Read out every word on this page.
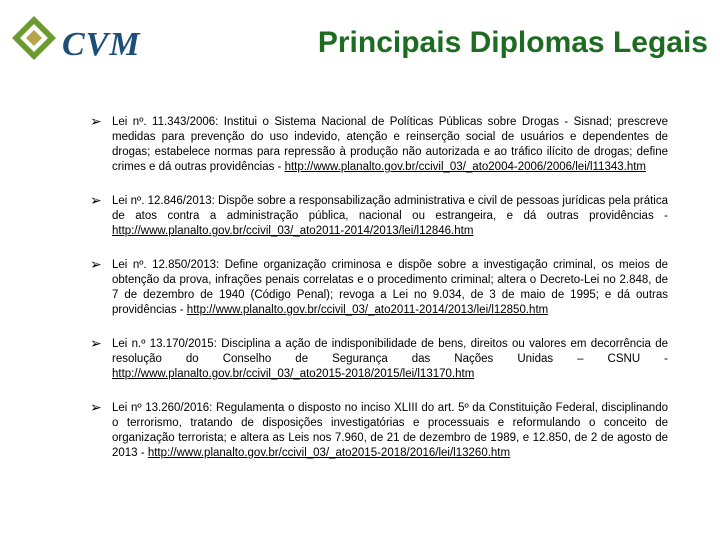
CVM	Principais Diplomas Legais
➢ Lei nº. 11.343/2006: Institui o Sistema Nacional de Políticas Públicas sobre Drogas - Sisnad; prescreve medidas para prevenção do uso indevido, atenção e reinserção social de usuários e dependentes de drogas; estabelece normas para repressão à produção não autorizada e ao tráfico ilícito de drogas; define crimes e dá outras providências - http://www.planalto.gov.br/ccivil_03/_ato2004-2006/2006/lei/l11343.htm
➢ Lei nº. 12.846/2013: Dispõe sobre a responsabilização administrativa e civil de pessoas jurídicas pela prática de atos contra a administração pública, nacional ou estrangeira, e dá outras providências - http://www.planalto.gov.br/ccivil_03/_ato2011-2014/2013/lei/l12846.htm
➢ Lei nº. 12.850/2013: Define organização criminosa e dispõe sobre a investigação criminal, os meios de obtenção da prova, infrações penais correlatas e o procedimento criminal; altera o Decreto-Lei no 2.848, de 7 de dezembro de 1940 (Código Penal); revoga a Lei no 9.034, de 3 de maio de 1995; e dá outras providências - http://www.planalto.gov.br/ccivil_03/_ato2011-2014/2013/lei/l12850.htm
➢ Lei n.º 13.170/2015: Disciplina a ação de indisponibilidade de bens, direitos ou valores em decorrência de resolução do Conselho de Segurança das Nações Unidas – CSNU - http://www.planalto.gov.br/ccivil_03/_ato2015-2018/2015/lei/l13170.htm
➢ Lei nº 13.260/2016: Regulamenta o disposto no inciso XLIII do art. 5º da Constituição Federal, disciplinando o terrorismo, tratando de disposições investigatórias e processuais e reformulando o conceito de organização terrorista; e altera as Leis nos 7.960, de 21 de dezembro de 1989, e 12.850, de 2 de agosto de 2013 - http://www.planalto.gov.br/ccivil_03/_ato2015-2018/2016/lei/l13260.htm
